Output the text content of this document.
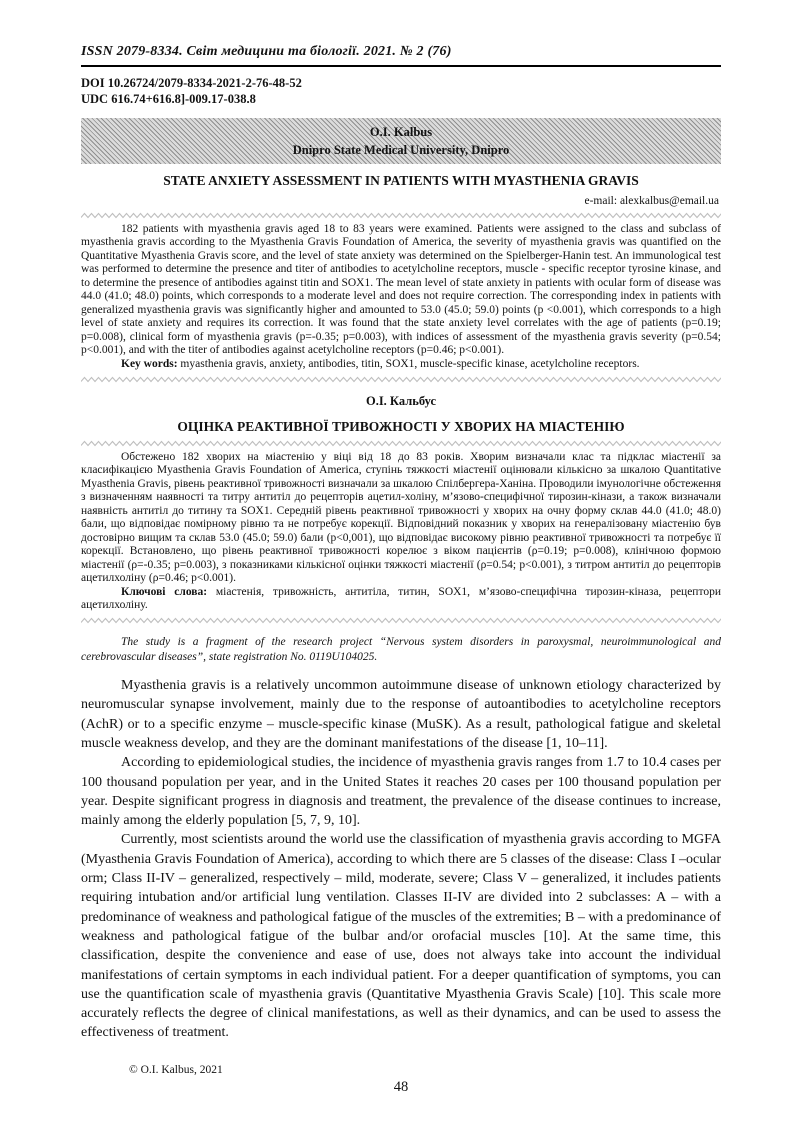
ISSN 2079-8334. Світ медицини та біології. 2021. № 2 (76)
DOI 10.26724/2079-8334-2021-2-76-48-52
UDC 616.74+616.8]-009.17-038.8
O.I. Kalbus
Dnipro State Medical University, Dnipro
STATE ANXIETY ASSESSMENT IN PATIENTS WITH MYASTHENIA GRAVIS
e-mail: alexkalbus@email.ua

182 patients with myasthenia gravis aged 18 to 83 years were examined. Patients were assigned to the class and subclass of myasthenia gravis according to the Myasthenia Gravis Foundation of America, the severity of myasthenia gravis was quantified on the Quantitative Myasthenia Gravis score, and the level of state anxiety was determined on the Spielberger-Hanin test. An immunological test was performed to determine the presence and titer of antibodies to acetylcholine receptors, muscle - specific receptor tyrosine kinase, and to determine the presence of antibodies against titin and SOX1. The mean level of state anxiety in patients with ocular form of disease was 44.0 (41.0; 48.0) points, which corresponds to a moderate level and does not require correction. The corresponding index in patients with generalized myasthenia gravis was significantly higher and amounted to 53.0 (45.0; 59.0) points (p <0.001), which corresponds to a high level of state anxiety and requires its correction. It was found that the state anxiety level correlates with the age of patients (p=0.19; p=0.008), clinical form of myasthenia gravis (p=-0.35; p=0.003), with indices of assessment of the myasthenia gravis severity (p=0.54; p<0.001), and with the titer of antibodies against acetylcholine receptors (p=0.46; p<0.001).

Key words: myasthenia gravis, anxiety, antibodies, titin, SOX1, muscle-specific kinase, acetylcholine receptors.

О.І. Кальбус
ОЦІНКА РЕАКТИВНОЇ ТРИВОЖНОСТІ У ХВОРИХ НА МІАСТЕНІЮ

Обстежено 182 хворих на міастенію у віці від 18 до 83 років. Хворим визначали клас та підклас міастенії за класифікацією Myasthenia Gravis Foundation of America, ступінь тяжкості міастенії оцінювали кількісно за шкалою Quantitative Myasthenia Gravis, рівень реактивної тривожності визначали за шкалою Спілбергера-Ханіна. Проводили імунологічне обстеження з визначенням наявності та титру антитіл до рецепторів ацетил-холіну, м’язово-специфічної тирозин-кінази, а також визначали наявність антитіл до титину та SOX1. Середній рівень реактивної тривожності у хворих на очну форму склав 44.0 (41.0; 48.0) бали, що відповідає помірному рівню та не потребує корекції. Відповідний показник у хворих на генералізовану міастенію був достовірно вищим та склав 53.0 (45.0; 59.0) бали (p<0,001), що відповідає високому рівню реактивної тривожності та потребує її корекції. Встановлено, що рівень реактивної тривожності корелює з віком пацієнтів (ρ=0.19; p=0.008), клінічною формою міастенії (ρ=-0.35; p=0.003), з показниками кількісної оцінки тяжкості міастенії (ρ=0.54; p<0.001), з титром антитіл до рецепторів ацетилхоліну (ρ=0.46; p<0.001).

Ключові слова: міастенія, тривожність, антитіла, титин, SOX1, м’язово-специфічна тирозин-кіназа, рецептори ацетилхоліну.

The study is a fragment of the research project “Nervous system disorders in paroxysmal, neuroimmunological and cerebrovascular diseases”, state registration No. 0119U104025.

Myasthenia gravis is a relatively uncommon autoimmune disease of unknown etiology characterized by neuromuscular synapse involvement, mainly due to the response of autoantibodies to acetylcholine receptors (AchR) or to a specific enzyme – muscle-specific kinase (MuSK). As a result, pathological fatigue and skeletal muscle weakness develop, and they are the dominant manifestations of the disease [1, 10–11].

According to epidemiological studies, the incidence of myasthenia gravis ranges from 1.7 to 10.4 cases per 100 thousand population per year, and in the United States it reaches 20 cases per 100 thousand population per year. Despite significant progress in diagnosis and treatment, the prevalence of the disease continues to increase, mainly among the elderly population [5, 7, 9, 10].

Currently, most scientists around the world use the classification of myasthenia gravis according to MGFA (Myasthenia Gravis Foundation of America), according to which there are 5 classes of the disease: Class I –ocular orm; Class II-IV – generalized, respectively – mild, moderate, severe; Class V – generalized, it includes patients requiring intubation and/or artificial lung ventilation. Classes II-IV are divided into 2 subclasses: A – with a predominance of weakness and pathological fatigue of the muscles of the extremities; B – with a predominance of weakness and pathological fatigue of the bulbar and/or orofacial muscles [10]. At the same time, this classification, despite the convenience and ease of use, does not always take into account the individual manifestations of certain symptoms in each individual patient. For a deeper quantification of symptoms, you can use the quantification scale of myasthenia gravis (Quantitative Myasthenia Gravis Scale) [10]. This scale more accurately reflects the degree of clinical manifestations, as well as their dynamics, and can be used to assess the effectiveness of treatment.

© O.I. Kalbus, 2021
48
